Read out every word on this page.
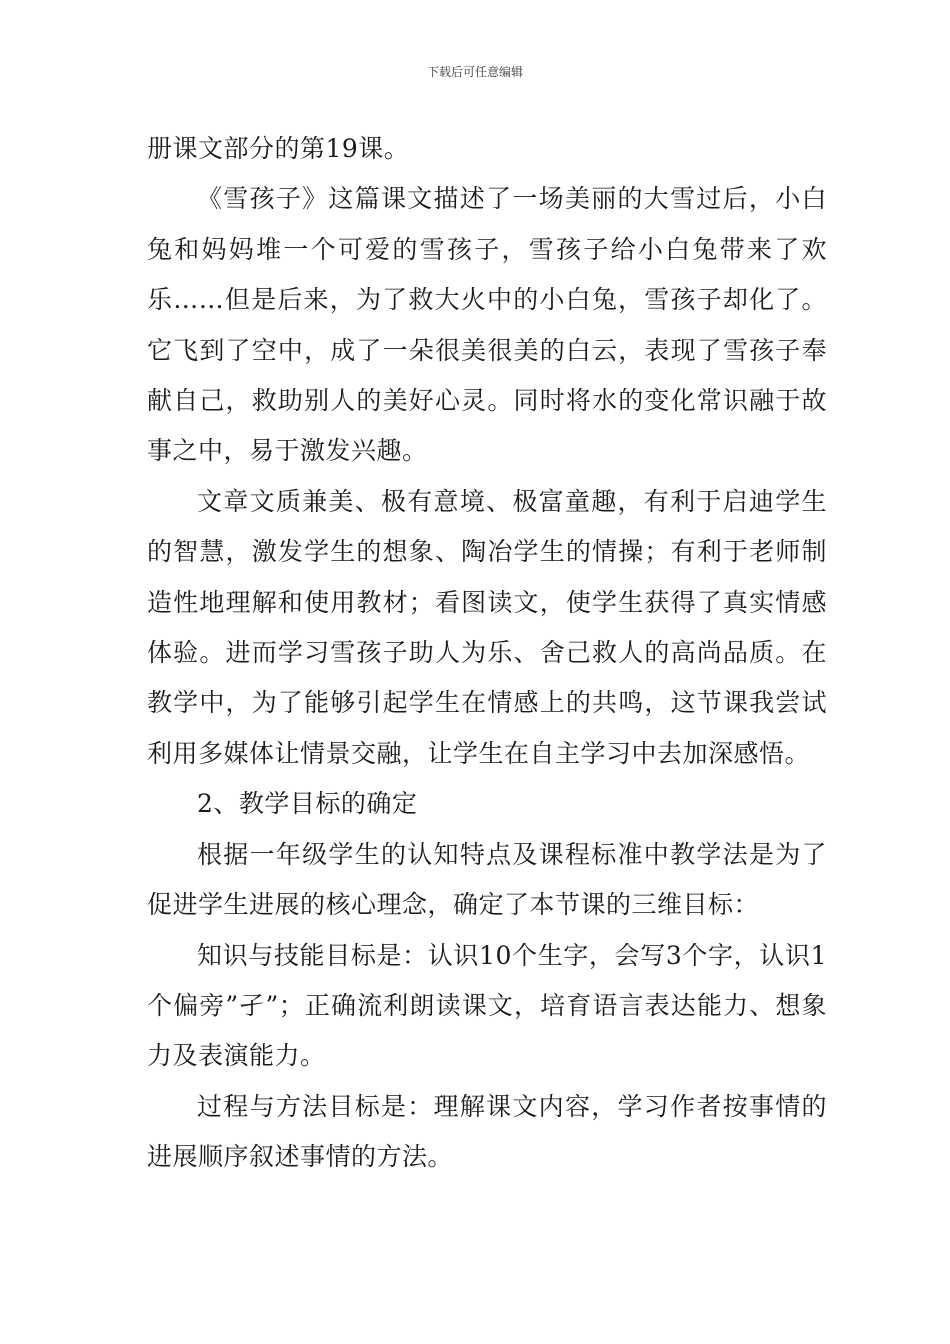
下载后可任意编辑

册课文部分的第19课。

《雪孩子》这篇课文描述了一场美丽的大雪过后，小白兔和妈妈堆一个可爱的雪孩子，雪孩子给小白兔带来了欢乐……但是后来，为了救大火中的小白兔，雪孩子却化了。它飞到了空中，成了一朵很美很美的白云，表现了雪孩子奉献自己，救助别人的美好心灵。同时将水的变化常识融于故事之中，易于激发兴趣。

文章文质兼美、极有意境、极富童趣，有利于启迪学生的智慧，激发学生的想象、陶冶学生的情操；有利于老师制造性地理解和使用教材；看图读文，使学生获得了真实情感体验。进而学习雪孩子助人为乐、舍己救人的高尚品质。在教学中，为了能够引起学生在情感上的共鸣，这节课我尝试利用多媒体让情景交融，让学生在自主学习中去加深感悟。

2、教学目标的确定

根据一年级学生的认知特点及课程标准中教学法是为了促进学生进展的核心理念，确定了本节课的三维目标：

知识与技能目标是：认识10个生字，会写3个字，认识1个偏旁”孑”；正确流利朗读课文，培育语言表达能力、想象力及表演能力。

过程与方法目标是：理解课文内容，学习作者按事情的进展顺序叙述事情的方法。
